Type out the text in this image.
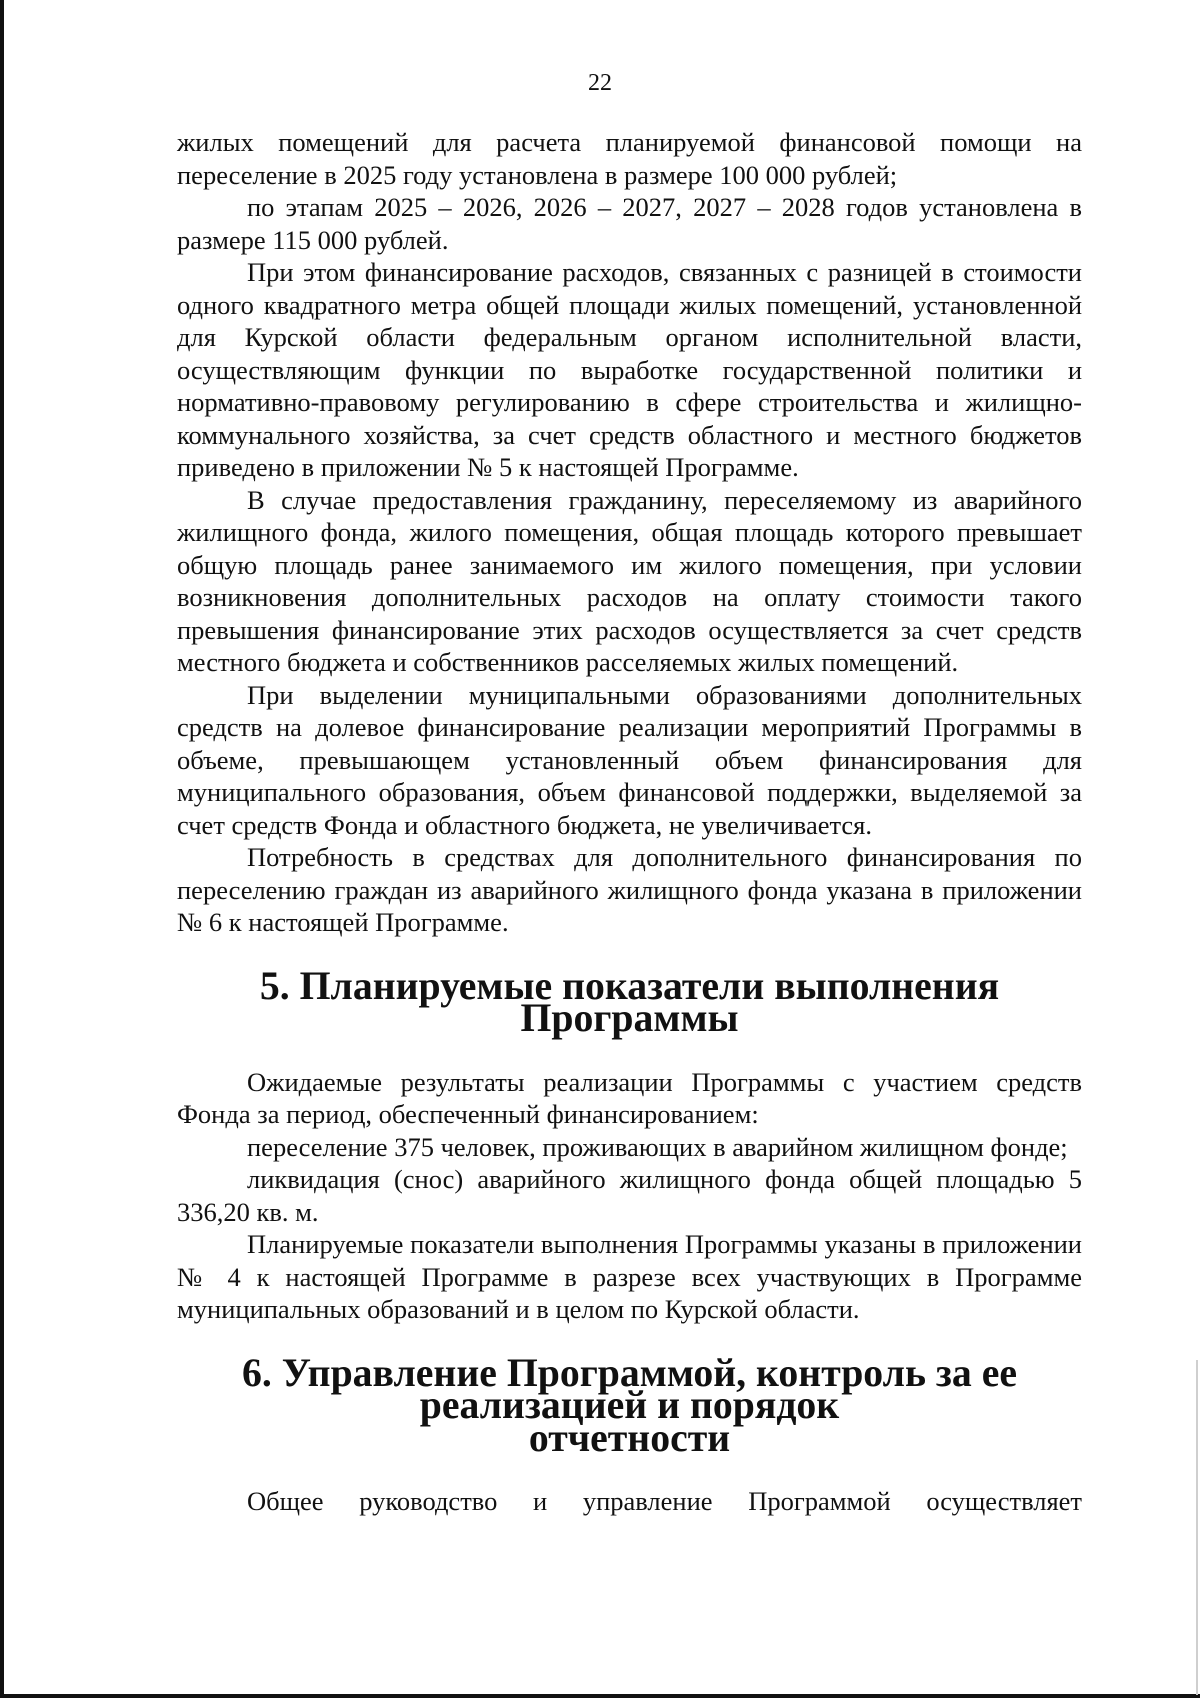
22

жилых помещений для расчета планируемой финансовой помощи на переселение в 2025 году установлена в размере 100 000 рублей;

по этапам 2025 – 2026, 2026 – 2027, 2027 – 2028 годов установлена в размере 115 000 рублей.

При этом финансирование расходов, связанных с разницей в стоимости одного квадратного метра общей площади жилых помещений, установленной для Курской области федеральным органом исполнительной власти, осуществляющим функции по выработке государственной политики и нормативно-правовому регулированию в сфере строительства и жилищно-коммунального хозяйства, за счет средств областного и местного бюджетов приведено в приложении № 5 к настоящей Программе.

В случае предоставления гражданину, переселяемому из аварийного жилищного фонда, жилого помещения, общая площадь которого превышает общую площадь ранее занимаемого им жилого помещения, при условии возникновения дополнительных расходов на оплату стоимости такого превышения финансирование этих расходов осуществляется за счет средств местного бюджета и собственников расселяемых жилых помещений.

При выделении муниципальными образованиями дополнительных средств на долевое финансирование реализации мероприятий Программы в объеме, превышающем установленный объем финансирования для муниципального образования, объем финансовой поддержки, выделяемой за счет средств Фонда и областного бюджета, не увеличивается.

Потребность в средствах для дополнительного финансирования по переселению граждан из аварийного жилищного фонда указана в приложении № 6 к настоящей Программе.

5. Планируемые показатели выполнения Программы

Ожидаемые результаты реализации Программы с участием средств Фонда за период, обеспеченный финансированием:

переселение 375 человек, проживающих в аварийном жилищном фонде;

ликвидация (снос) аварийного жилищного фонда общей площадью 5 336,20 кв. м.

Планируемые показатели выполнения Программы указаны в приложении № 4 к настоящей Программе в разрезе всех участвующих в Программе муниципальных образований и в целом по Курской области.

6. Управление Программой, контроль за ее реализацией и порядок
отчетности

Общее руководство и управление Программой осуществляет
